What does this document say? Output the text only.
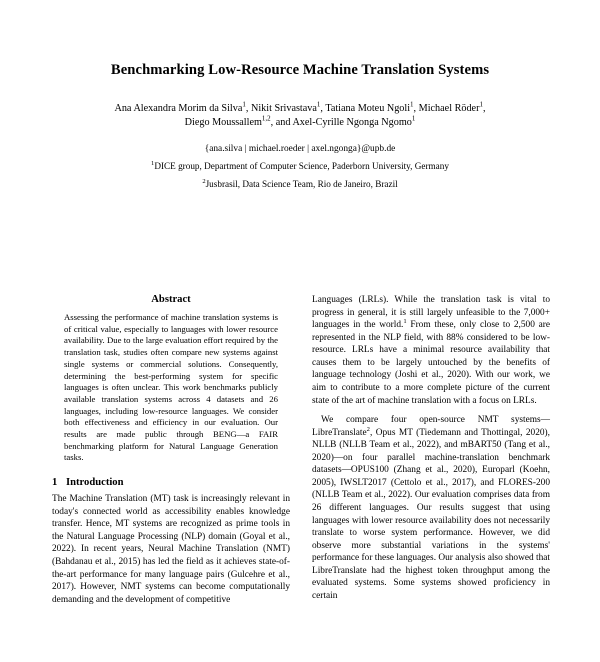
Benchmarking Low-Resource Machine Translation Systems
Ana Alexandra Morim da Silva$^1$, Nikit Srivastava$^1$, Tatiana Moteu Ngoli$^1$, Michael Röder$^1$,
Diego Moussallem$^{1,2}$, and Axel-Cyrille Ngonga Ngomo$^1$
{ana.silva | michael.roeder | axel.ngonga}@upb.de
$^1$DICE group, Department of Computer Science, Paderborn University, Germany
$^2$Jusbrasil, Data Science Team, Rio de Janeiro, Brazil
Abstract
Assessing the performance of machine translation systems is of critical value, especially to languages with lower resource availability. Due to the large evaluation effort required by the translation task, studies often compare new systems against single systems or commercial solutions. Consequently, determining the best-performing system for specific languages is often unclear. This work benchmarks publicly available translation systems across 4 datasets and 26 languages, including low-resource languages. We consider both effectiveness and efficiency in our evaluation. Our results are made public through BENG—a FAIR benchmarking platform for Natural Language Generation tasks.
1 Introduction
The Machine Translation (MT) task is increasingly relevant in today's connected world as accessibility enables knowledge transfer. Hence, MT systems are recognized as prime tools in the Natural Language Processing (NLP) domain (Goyal et al., 2022). In recent years, Neural Machine Translation (NMT) (Bahdanau et al., 2015) has led the field as it achieves state-of-the-art performance for many language pairs (Gulcehre et al., 2017). However, NMT systems can become computationally demanding and the development of competitive
Languages (LRLs). While the translation task is vital to progress in general, it is still largely unfeasible to the 7,000+ languages in the world.$^1$ From these, only close to 2,500 are represented in the NLP field, with 88% considered to be low-resource. LRLs have a minimal resource availability that causes them to be largely untouched by the benefits of language technology (Joshi et al., 2020). With our work, we aim to contribute to a more complete picture of the current state of the art of machine translation with a focus on LRLs.
We compare four open-source NMT systems—LibreTranslate$^2$, Opus MT (Tiedemann and Thottingal, 2020), NLLB (NLLB Team et al., 2022), and mBART50 (Tang et al., 2020)—on four parallel machine-translation benchmark datasets—OPUS100 (Zhang et al., 2020), Europarl (Koehn, 2005), IWSLT2017 (Cettolo et al., 2017), and FLORES-200 (NLLB Team et al., 2022). Our evaluation comprises data from 26 different languages. Our results suggest that using languages with lower resource availability does not necessarily translate to worse system performance. However, we did observe more substantial variations in the systems' performance for these languages. Our analysis also showed that LibreTranslate had the highest token throughput among the evaluated systems. Some systems showed proficiency in certain
